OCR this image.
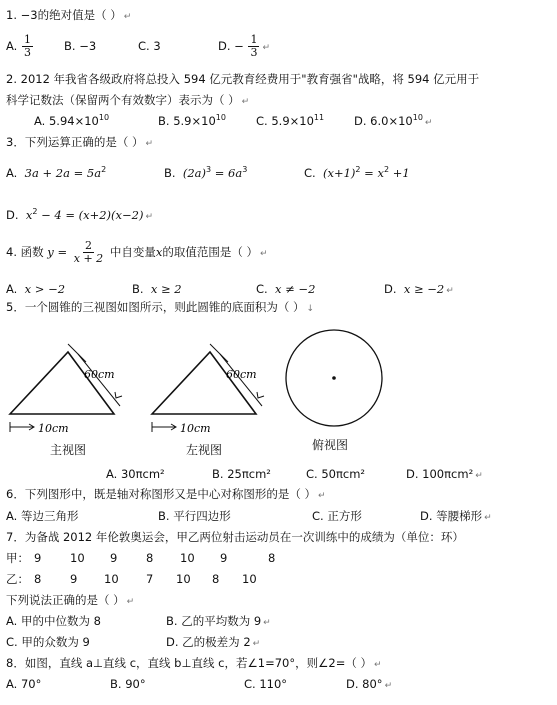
1. −3的绝对值是（ ） ↵
A. $\frac{1}{3}$	B. −3	C. 3	D. − $\frac{1}{3}$ ↵
2. 2012 年我省各级政府将总投入 594 亿元教育经费用于"教育强省"战略，将 594 亿元用于
科学记数法（保留两个有效数字）表示为（ ） ↵
A. $5.94\times 10^{10}$	B. $5.9\times 10^{10}$	C. $5.9\times 10^{11}$	D. $6.0\times 10^{10}↵$
3．下列运算正确的是（ ） ↵
A. $3a + 2a = 5a^2$	B. $(2a)^3 = 6a^3$	C. $(x+1)^2 = x^2 +1$
D. $x^2 - 4 = (x+2)(x-2)$ ↵
4. 函数 $y = \frac{2}{x + 2}$ 中自变量x的取值范围是（ ） ↵
A. x > −2	B. x ≥ 2	C. x ≠ −2	D. x ≥ −2 ↵
5．一个圆锥的三视图如图所示，则此圆锥的底面积为（ ） ↓
60cm
10cm
主视图
60cm
10cm
左视图	俯视图
A. 30πcm²	B. 25πcm²	C. 50πcm²	D. 100πcm² ↵
6．下列图形中，既是轴对称图形又是中心对称图形的是（ ） ↵
A. 等边三角形	B. 平行四边形	C. 正方形	D. 等腰梯形 ↵
7．为备战 2012 年伦敦奥运会，甲乙两位射击运动员在一次训练中的成绩为（单位：环）
甲： 9 10 9 8 10 9	8
乙： 8 9 10 7 10 8 10
下列说法正确的是（ ） ↵
A. 甲的中位数为 8	B. 乙的平均数为 9 ↵
C. 甲的众数为 9	D. 乙的极差为 2 ↵
8．如图，直线 a⊥直线 c，直线 b⊥直线 c，若∠1=70°，则∠2=（ ） ↵
A. 70°	B. 90°	C. 110°	D. 80° ↵
